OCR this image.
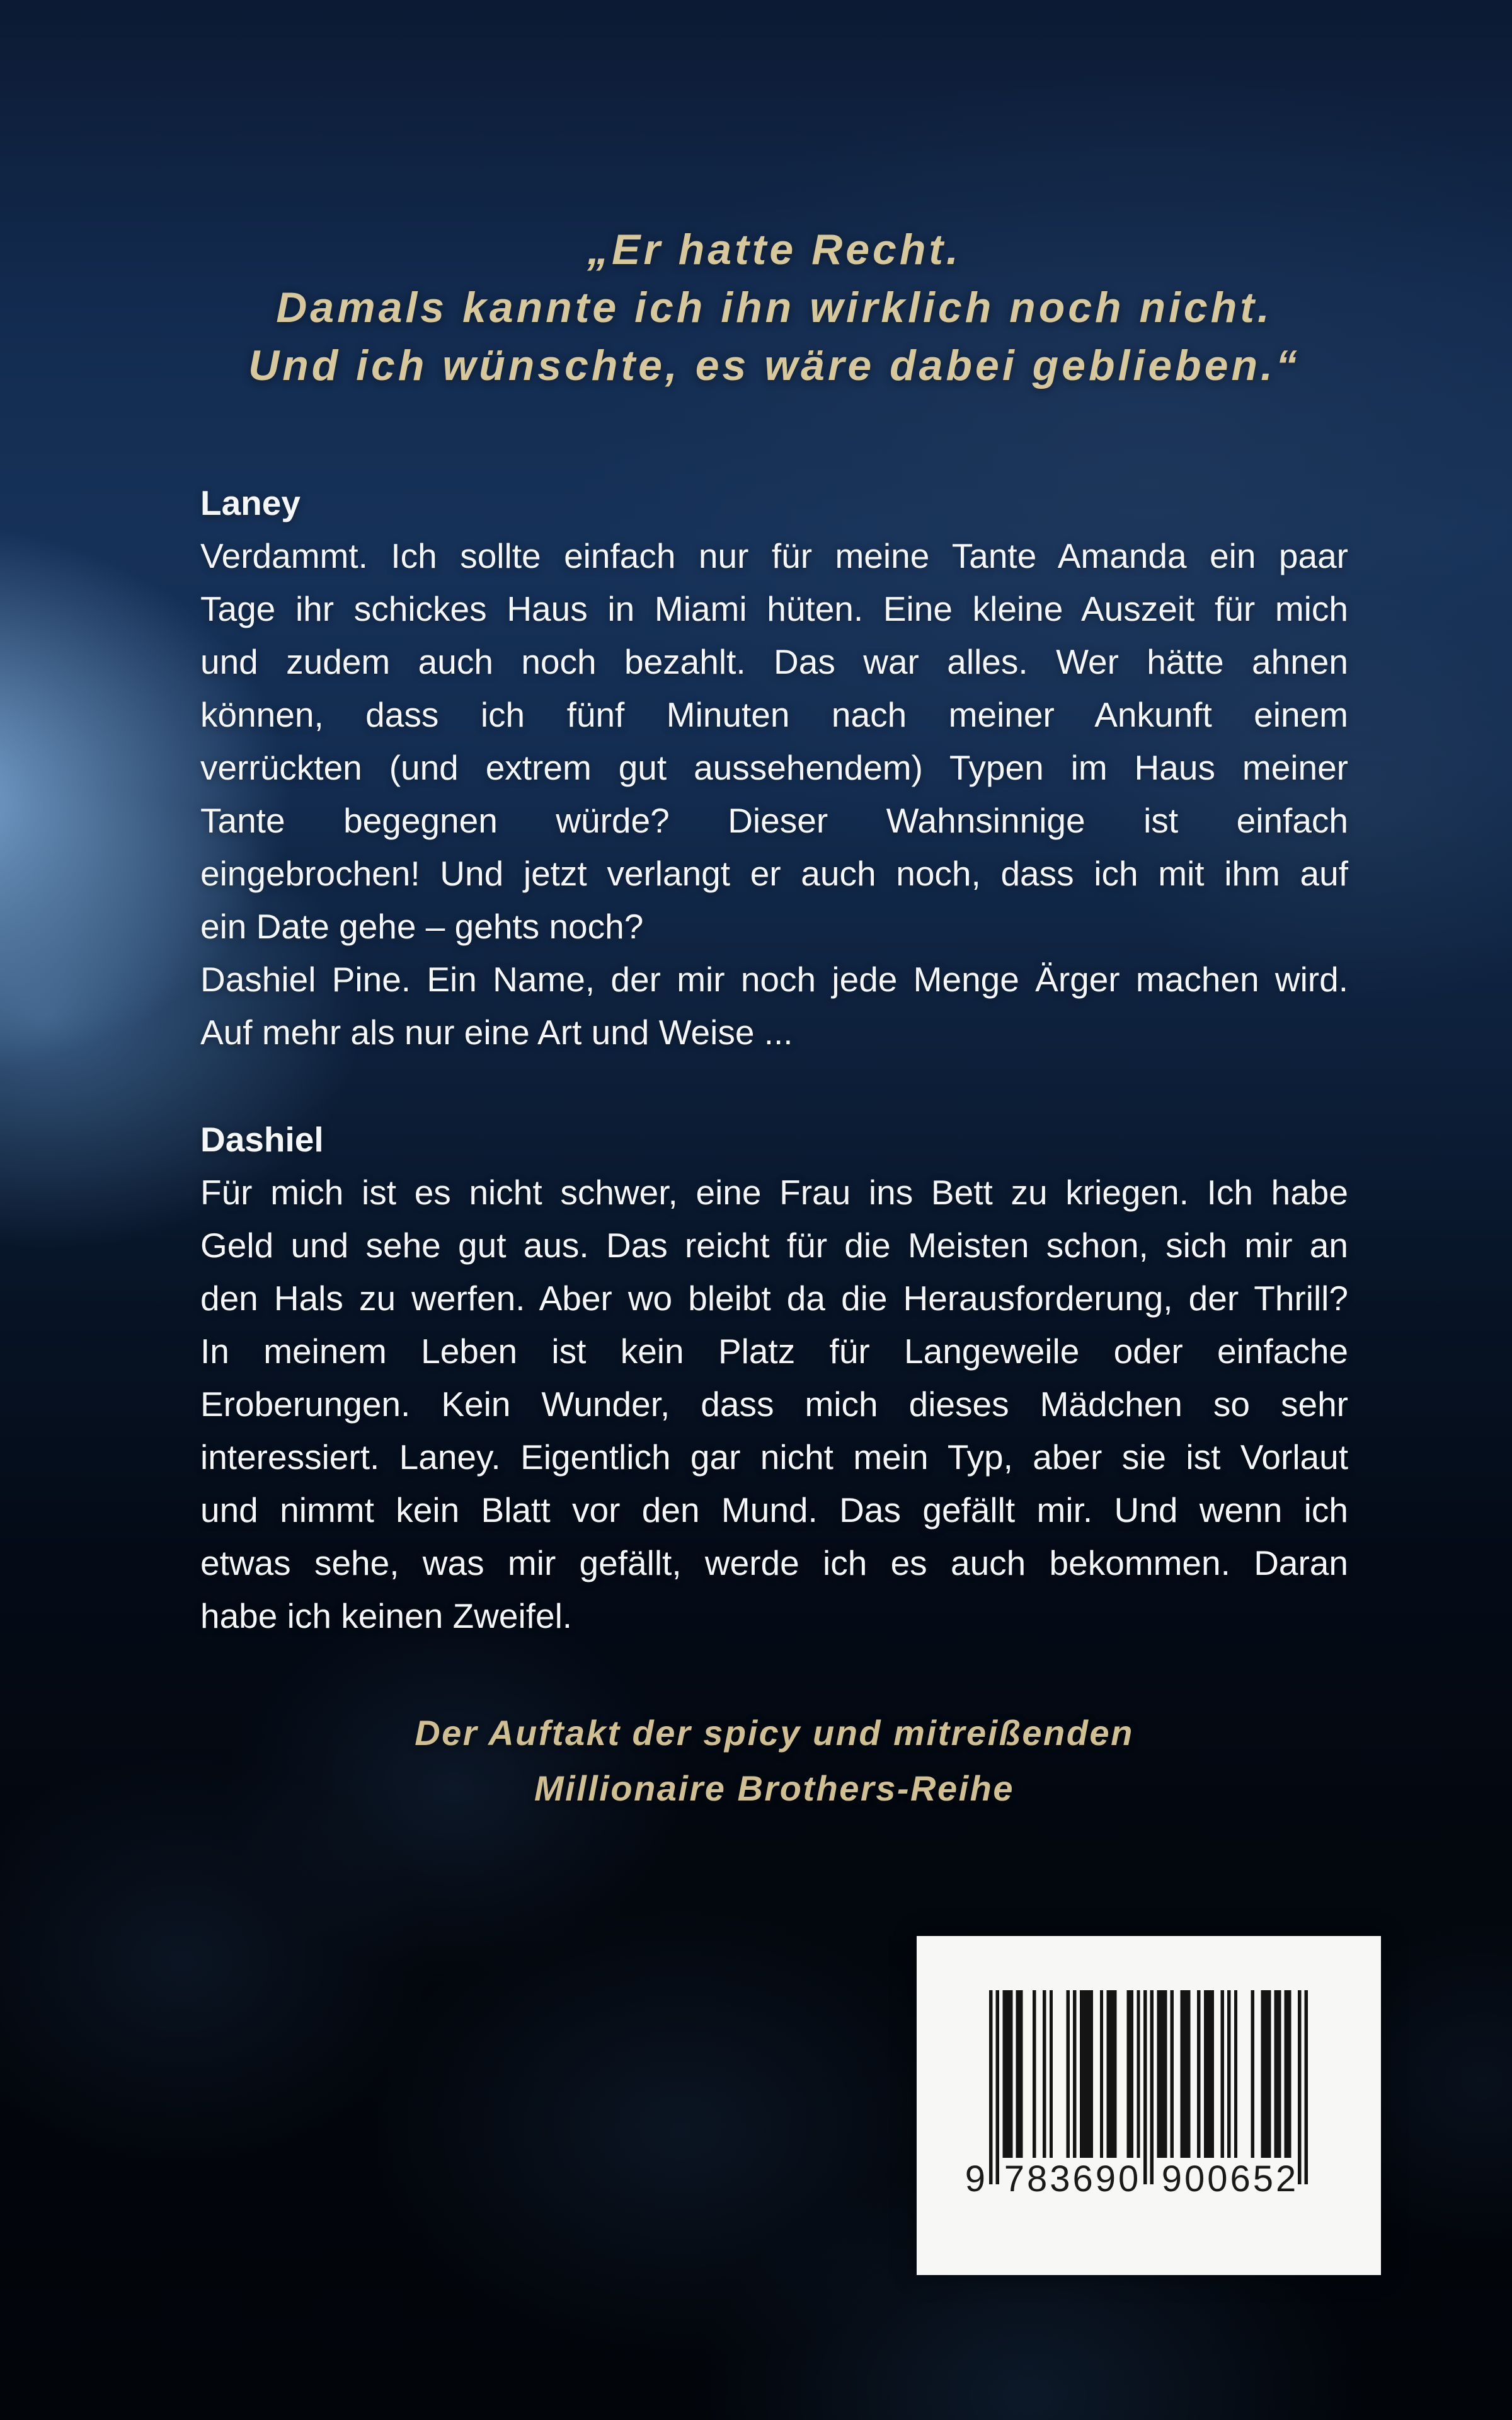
„Er hatte Recht.
Damals kannte ich ihn wirklich noch nicht.
Und ich wünschte, es wäre dabei geblieben.“
Laney
Verdammt. Ich sollte einfach nur für meine Tante Amanda ein paar
Tage ihr schickes Haus in Miami hüten. Eine kleine Auszeit für mich
und zudem auch noch bezahlt. Das war alles. Wer hätte ahnen
können, dass ich fünf Minuten nach meiner Ankunft einem
verrückten (und extrem gut aussehendem) Typen im Haus meiner
Tante begegnen würde? Dieser Wahnsinnige ist einfach
eingebrochen! Und jetzt verlangt er auch noch, dass ich mit ihm auf
ein Date gehe – gehts noch?
Dashiel Pine. Ein Name, der mir noch jede Menge Ärger machen wird.
Auf mehr als nur eine Art und Weise ...
Dashiel
Für mich ist es nicht schwer, eine Frau ins Bett zu kriegen. Ich habe
Geld und sehe gut aus. Das reicht für die Meisten schon, sich mir an
den Hals zu werfen. Aber wo bleibt da die Herausforderung, der Thrill?
In meinem Leben ist kein Platz für Langeweile oder einfache
Eroberungen. Kein Wunder, dass mich dieses Mädchen so sehr
interessiert. Laney. Eigentlich gar nicht mein Typ, aber sie ist Vorlaut
und nimmt kein Blatt vor den Mund. Das gefällt mir. Und wenn ich
etwas sehe, was mir gefällt, werde ich es auch bekommen. Daran
habe ich keinen Zweifel.
Der Auftakt der spicy und mitreißenden
Millionaire Brothers-Reihe
9 783690 900652
